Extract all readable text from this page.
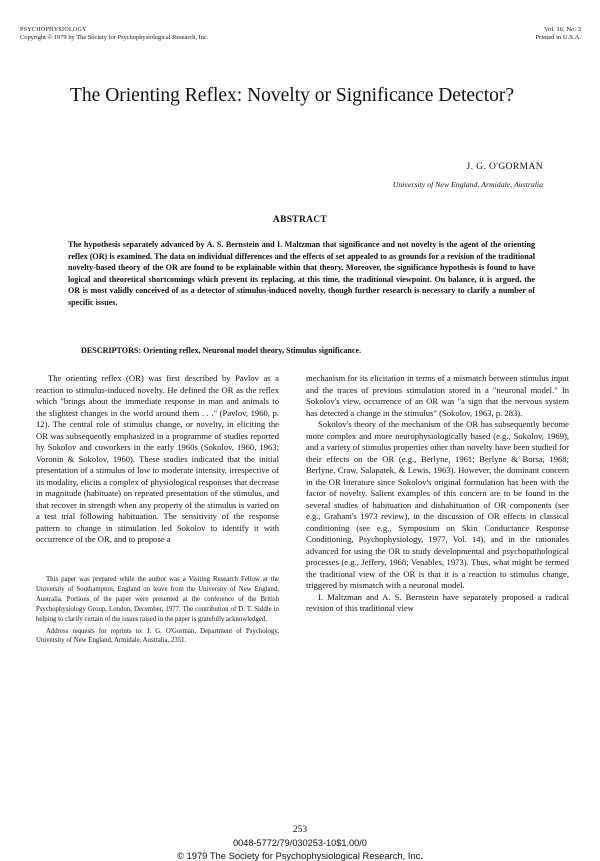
PSYCHOPHYSIOLOGY
Copyright © 1979 by The Society for Psychophysiological Research, Inc.
Vol. 16, No. 3
Printed in U.S.A.
The Orienting Reflex: Novelty or Significance Detector?
J. G. O'GORMAN
University of New England, Armidale, Australia
ABSTRACT
The hypothesis separately advanced by A. S. Bernstein and I. Maltzman that significance and not novelty is the agent of the orienting reflex (OR) is examined. The data on individual differences and the effects of set appealed to as grounds for a revision of the traditional novelty-based theory of the OR are found to be explainable within that theory. Moreover, the significance hypothesis is found to have logical and theoretical shortcomings which prevent its replacing, at this time, the traditional viewpoint. On balance, it is argued, the OR is most validly conceived of as a detector of stimulus-induced novelty, though further research is necessary to clarify a number of specific issues.
DESCRIPTORS: Orienting reflex, Neuronal model theory, Stimulus significance.

The orienting reflex (OR) was first described by Pavlov as a reaction to stimulus-induced novelty. He defined the OR as the reflex which "brings about the immediate response in man and animals to the slightest changes in the world around them . . ." (Pavlov, 1960, p. 12). The central role of stimulus change, or novelty, in eliciting the OR was subsequently emphasized in a programme of studies reported by Sokolov and coworkers in the early 1960s (Sokolov, 1960, 1963; Voronin & Sokolov, 1960). These studies indicated that the initial presentation of a stimulus of low to moderate intensity, irrespective of its modality, elicits a complex of physiological responses that decrease in magnitude (habituate) on repeated presentation of the stimulus, and that recover in strength when any property of the stimulus is varied on a test trial following habituation. The sensitivity of the response pattern to change in stimulation led Sokolov to identify it with occurrence of the OR, and to propose a

This paper was prepared while the author was a Visiting Research Fellow at the University of Southampton, England on leave from the University of New England, Australia. Portions of the paper were presented at the conference of the British Psychophysiology Group, London, December, 1977. The contribution of D. T. Siddle in helping to clarify certain of the issues raised in the paper is gratefully acknowledged.

Address requests for reprints to: J. G. O'Gorman, Department of Psychology, University of New England, Armidale, Australia, 2351.

mechanism for its elicitation in terms of a mismatch between stimulus input and the traces of previous stimulation stored in a "neuronal model." In Sokolov's view, occurrence of an OR was "a sign that the nervous system has detected a change in the stimulus" (Sokolov, 1963, p. 283).

Sokolov's theory of the mechanism of the OR has subsequently become more complex and more neurophysiologically based (e.g., Sokolov, 1969), and a variety of stimulus properties other than novelty have been studied for their effects on the OR (e.g., Berlyne, 1961; Berlyne & Borsa, 1968; Berlyne, Craw, Salapatek, & Lewis, 1963). However, the dominant concern in the OR literature since Sokolov's original formulation has been with the factor of novelty. Salient examples of this concern are to be found in the several studies of habituation and dishabituation of OR components (see e.g., Graham's 1973 review), in the discussion of OR effects in classical conditioning (see e.g., Symposium on Skin Conductance Response Conditioning, Psychophysiology, 1977, Vol. 14), and in the rationales advanced for using the OR to study developmental and psychopathological processes (e.g., Jeffery, 1968; Venables, 1973). Thus, what might be termed the traditional view of the OR is that it is a reaction to stimulus change, triggered by mismatch with a neuronal model.

I. Maltzman and A. S. Bernstein have separately proposed a radical revision of this traditional view

253
0048-5772/79/030253-10$1.00/0
© 1979 The Society for Psychophysiological Research, Inc.
